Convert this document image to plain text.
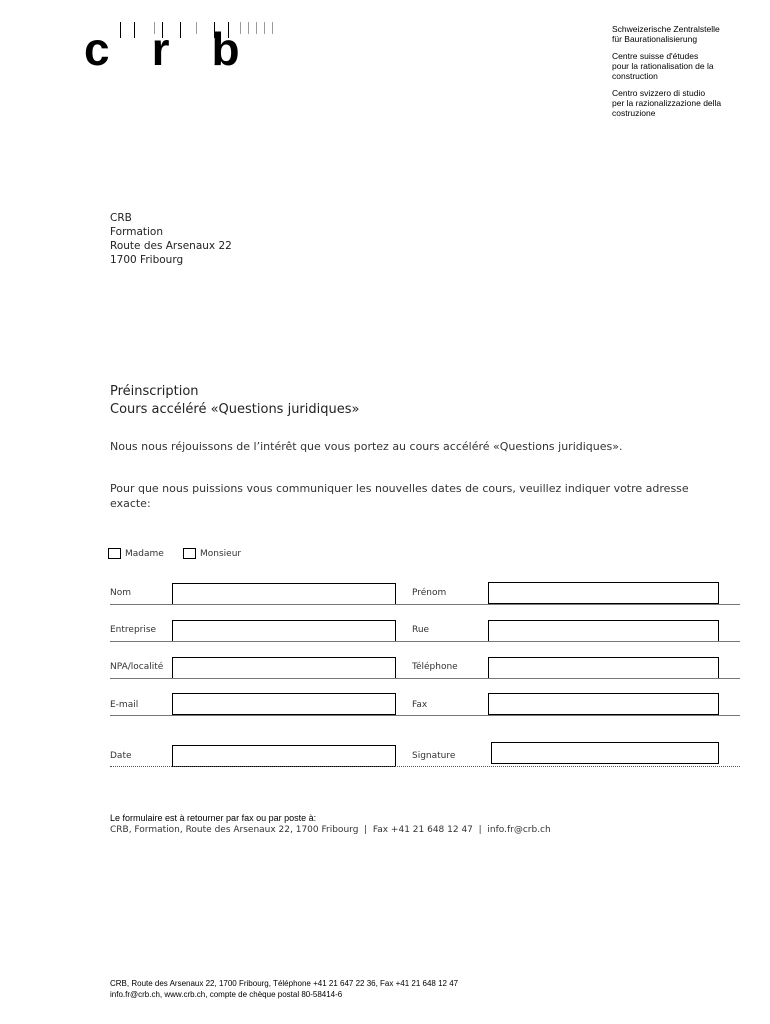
crb	Schweizerische Zentralstelle
für Baurationalisierung

Centre suisse d'études
pour la rationalisation de la
construction

Centro svizzero di studio
per la razionalizzazione della
costruzione

CRB
Formation
Route des Arsenaux 22
1700 Fribourg
Préinscription
Cours accéléré «Questions juridiques»
Nous nous réjouissons de l’intérêt que vous portez au cours accéléré «Questions juridiques».
Pour que nous puissions vous communiquer les nouvelles dates de cours, veuillez indiquer votre adresse exacte:
Madame	Monsieur
Nom	Prénom
Entreprise	Rue
NPA/localité	Téléphone
E-mail	Fax
Date	Signature
Le formulaire est à retourner par fax ou par poste à:
CRB, Formation, Route des Arsenaux 22, 1700 Fribourg  |  Fax +41 21 648 12 47  |  info.fr@crb.ch
CRB, Route des Arsenaux 22, 1700 Fribourg, Téléphone +41 21 647 22 36, Fax +41 21 648 12 47
info.fr@crb.ch, www.crb.ch, compte de chèque postal 80-58414-6
